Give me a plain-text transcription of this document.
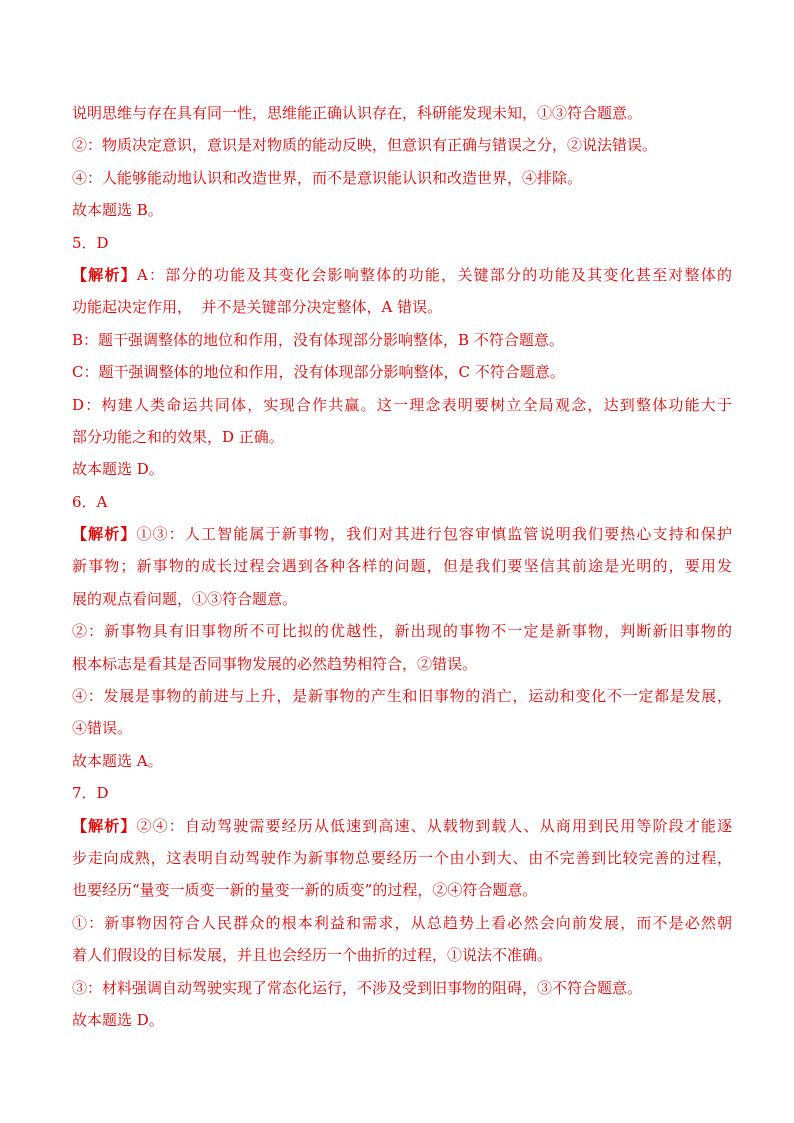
说明思维与存在具有同一性，思维能正确认识存在，科研能发现未知，①③符合题意。
②：物质决定意识，意识是对物质的能动反映，但意识有正确与错误之分，②说法错误。
④：人能够能动地认识和改造世界，而不是意识能认识和改造世界，④排除。
故本题选 B。
5．D
【解析】A：部分的功能及其变化会影响整体的功能，关键部分的功能及其变化甚至对整体的
功能起决定作用，  并不是关键部分决定整体，A 错误。
B：题干强调整体的地位和作用，没有体现部分影响整体，B 不符合题意。
C：题干强调整体的地位和作用，没有体现部分影响整体，C 不符合题意。
D：构建人类命运共同体，实现合作共赢。这一理念表明要树立全局观念，达到整体功能大于
部分功能之和的效果，D 正确。
故本题选 D。
6．A
【解析】①③：人工智能属于新事物，我们对其进行包容审慎监管说明我们要热心支持和保护
新事物；新事物的成长过程会遇到各种各样的问题，但是我们要坚信其前途是光明的，要用发
展的观点看问题，①③符合题意。
②：新事物具有旧事物所不可比拟的优越性，新出现的事物不一定是新事物，判断新旧事物的
根本标志是看其是否同事物发展的必然趋势相符合，②错误。
④：发展是事物的前进与上升，是新事物的产生和旧事物的消亡，运动和变化不一定都是发展，
④错误。
故本题选 A。
7．D
【解析】②④：自动驾驶需要经历从低速到高速、从载物到载人、从商用到民用等阶段才能逐
步走向成熟，这表明自动驾驶作为新事物总要经历一个由小到大、由不完善到比较完善的过程，
也要经历“量变一质变一新的量变一新的质变”的过程，②④符合题意。
①：新事物因符合人民群众的根本利益和需求，从总趋势上看必然会向前发展，而不是必然朝
着人们假设的目标发展，并且也会经历一个曲折的过程，①说法不准确。
③：材料强调自动驾驶实现了常态化运行，不涉及受到旧事物的阻碍，③不符合题意。
故本题选 D。
